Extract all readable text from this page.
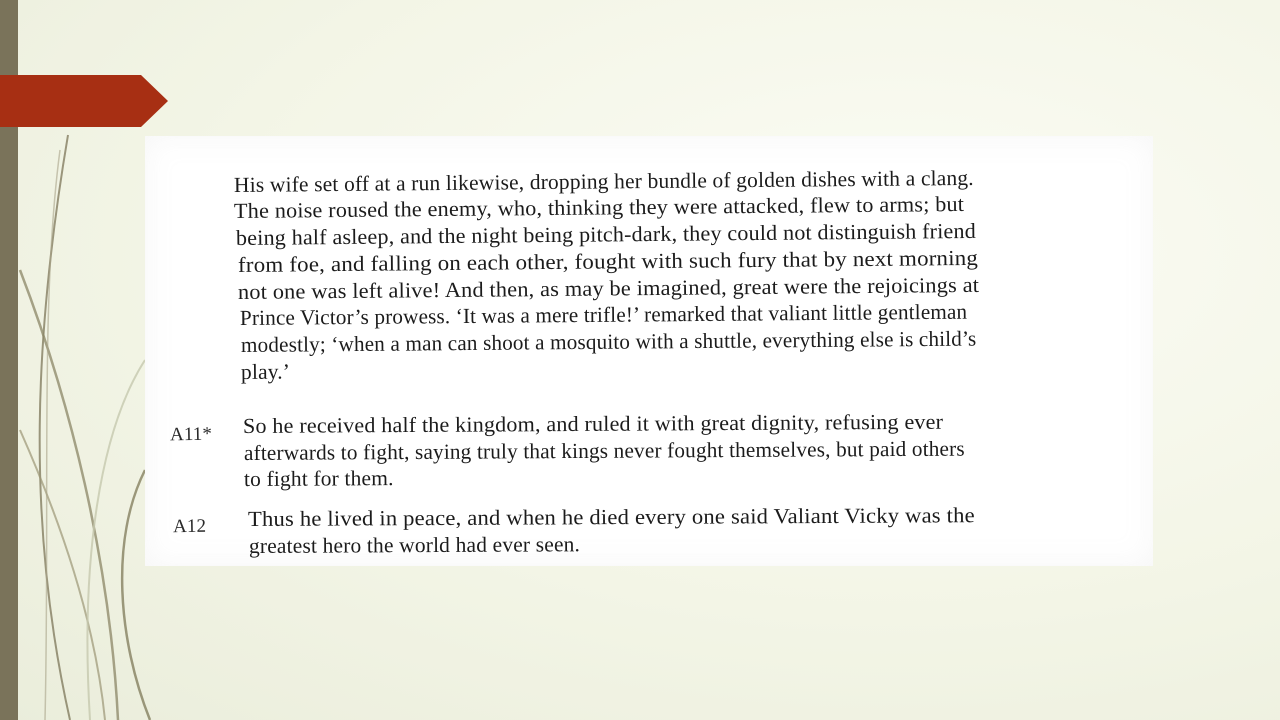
His wife set off at a run likewise, dropping her bundle of golden dishes with a clang.
The noise roused the enemy, who, thinking they were attacked, flew to arms; but
being half asleep, and the night being pitch-dark, they could not distinguish friend
from foe, and falling on each other, fought with such fury that by next morning
not one was left alive! And then, as may be imagined, great were the rejoicings at
Prince Victor’s prowess. ‘It was a mere trifle!’ remarked that valiant little gentleman
modestly; ‘when a man can shoot a mosquito with a shuttle, everything else is child’s
play.’
A11* So he received half the kingdom, and ruled it with great dignity, refusing ever
afterwards to fight, saying truly that kings never fought themselves, but paid others
to fight for them.
A12 Thus he lived in peace, and when he died every one said Valiant Vicky was the
greatest hero the world had ever seen.
